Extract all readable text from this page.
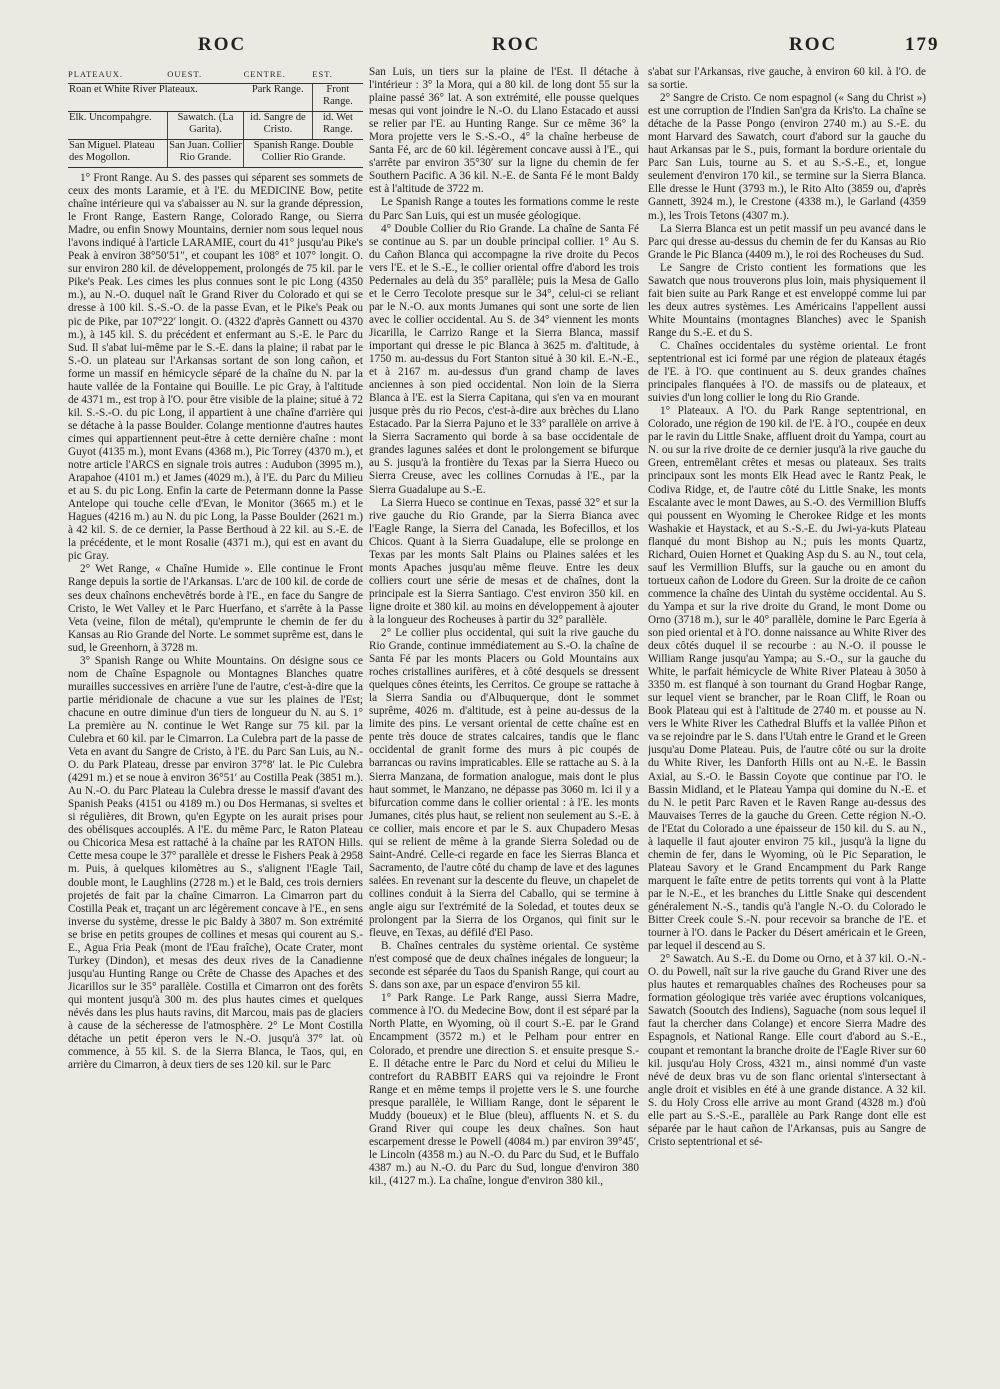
ROC	ROC	ROC	179
PLATEAUX.	OUEST.	CENTRE.	EST.
Roan et White River Plateaux.		Park Range.	Front Range.
Elk. Uncompahgre.	Sawatch. (La Garita).	id. Sangre de Cristo.	id. Wet Range.
San Miguel. Plateau des Mogollon.	San Juan. Collier Rio Grande.	Spanish Range. Double Collier Rio Grande.	

1° Front Range. Au S. des passes qui séparent ses sommets de ceux des monts Laramie, et à l'E. du MEDICINE Bow, petite chaîne intérieure qui va s'abaisser au N. sur la grande dépression, le Front Range, Eastern Range, Colorado Range, ou Sierra Madre, ou enfin Snowy Mountains, dernier nom sous lequel nous l'avons indiqué à l'article LARAMIE, court du 41° jusqu'au Pike's Peak à environ 38°50′51″, et coupant les 108° et 107° longit. O. sur environ 280 kil. de développement, prolongés de 75 kil. par le Pike's Peak. Les cimes les plus connues sont le pic Long (4350 m.), au N.-O. duquel naît le Grand River du Colorado et qui se dresse à 100 kil. S.-S.-O. de la passe Evan, et le Pike's Peak ou pic de Pike, par 107°22′ longit. O. (4322 d'après Gannett ou 4370 m.), à 145 kil. S. du précédent et enfermant au S.-E. le Parc du Sud. Il s'abat lui-même par le S.-E. dans la plaine; il rabat par le S.-O. un plateau sur l'Arkansas sortant de son long cañon, et forme un massif en hémicycle séparé de la chaîne du N. par la haute vallée de la Fontaine qui Bouille. Le pic Gray, à l'altitude de 4371 m., est trop à l'O. pour être visible de la plaine; situé à 72 kil. S.-S.-O. du pic Long, il appartient à une chaîne d'arrière qui se détache à la passe Boulder. Colange mentionne d'autres hautes cimes qui appartiennent peut-être à cette dernière chaîne : mont Guyot (4135 m.), mont Evans (4368 m.), Pic Torrey (4370 m.), et notre article l'ARCS en signale trois autres : Audubon (3995 m.), Arapahoe (4101 m.) et James (4029 m.), à l'E. du Parc du Milieu et au S. du pic Long. Enfin la carte de Petermann donne la Passe Antelope qui touche celle d'Evan, le Monitor (3665 m.) et le Hagues (4216 m.) au N. du pic Long, la Passe Boulder (2621 m.) à 42 kil. S. de ce dernier, la Passe Berthoud à 22 kil. au S.-E. de la précédente, et le mont Rosalie (4371 m.), qui est en avant du pic Gray.

2° Wet Range, « Chaîne Humide ». Elle continue le Front Range depuis la sortie de l'Arkansas. L'arc de 100 kil. de corde de ses deux chaînons enchevêtrés borde à l'E., en face du Sangre de Cristo, le Wet Valley et le Parc Huerfano, et s'arrête à la Passe Veta (veine, filon de métal), qu'emprunte le chemin de fer du Kansas au Rio Grande del Norte. Le sommet suprême est, dans le sud, le Greenhorn, à 3728 m.

3° Spanish Range ou White Mountains. On désigne sous ce nom de Chaîne Espagnole ou Montagnes Blanches quatre murailles successives en arrière l'une de l'autre, c'est-à-dire que la partie méridionale de chacune a vue sur les plaines de l'Est; chacune en outre diminue d'un tiers de longueur du N. au S. 1° La première au N. continue le Wet Range sur 75 kil. par la Culebra et 60 kil. par le Cimarron. La Culebra part de la passe de Veta en avant du Sangre de Cristo, à l'E. du Parc San Luis, au N.-O. du Park Plateau, dresse par environ 37°8′ lat. le Pic Culebra (4291 m.) et se noue à environ 36°51′ au Costilla Peak (3851 m.). Au N.-O. du Parc Plateau la Culebra dresse le massif d'avant des Spanish Peaks (4151 ou 4189 m.) ou Dos Hermanas, si sveltes et si régulières, dit Brown, qu'en Egypte on les aurait prises pour des obélisques accouplés. A l'E. du même Parc, le Raton Plateau ou Chicorica Mesa est rattaché à la chaîne par les RATON Hills. Cette mesa coupe le 37° parallèle et dresse le Fishers Peak à 2958 m. Puis, à quelques kilomètres au S., s'alignent l'Eagle Tail, double mont, le Laughlins (2728 m.) et le Bald, ces trois derniers projetés de fait par la chaîne Cimarron. La Cimarron part du Costilla Peak et, traçant un arc légèrement concave à l'E., en sens inverse du système, dresse le pic Baldy à 3807 m. Son extrémité se brise en petits groupes de collines et mesas qui courent au S.-E., Agua Fria Peak (mont de l'Eau fraîche), Ocate Crater, mont Turkey (Dindon), et mesas des deux rives de la Canadienne jusqu'au Hunting Range ou Crête de Chasse des Apaches et des Jicarillos sur le 35° parallèle. Costilla et Cimarron ont des forêts qui montent jusqu'à 300 m. des plus hautes cimes et quelques névés dans les plus hauts ravins, dit Marcou, mais pas de glaciers à cause de la sécheresse de l'atmosphère. 2° Le Mont Costilla détache un petit éperon vers le N.-O. jusqu'à 37° lat. où commence, à 55 kil. S. de la Sierra Blanca, le Taos, qui, en arrière du Cimarron, à deux tiers de ses 120 kil. sur le Parc

San Luis, un tiers sur la plaine de l'Est. Il détache à l'intérieur : 3° la Mora, qui a 80 kil. de long dont 55 sur la plaine passé 36° lat. A son extrémité, elle pousse quelques mesas qui vont joindre le N.-O. du Llano Estacado et aussi se relier par l'E. au Hunting Range. Sur ce même 36° la Mora projette vers le S.-S.-O., 4° la chaîne herbeuse de Santa Fé, arc de 60 kil. légèrement concave aussi à l'E., qui s'arrête par environ 35°30′ sur la ligne du chemin de fer Southern Pacific. A 36 kil. N.-E. de Santa Fé le mont Baldy est à l'altitude de 3722 m.

Le Spanish Range a toutes les formations comme le reste du Parc San Luis, qui est un musée géologique.

4° Double Collier du Rio Grande. La chaîne de Santa Fé se continue au S. par un double principal collier. 1° Au S. du Cañon Blanca qui accompagne la rive droite du Pecos vers l'E. et le S.-E., le collier oriental offre d'abord les trois Pedernales au delà du 35° parallèle; puis la Mesa de Gallo et le Cerro Tecolote presque sur le 34°, celui-ci se reliant par le N.-O. aux monts Jumanes qui sont une sorte de lien avec le collier occidental. Au S. de 34° viennent les monts Jicarilla, le Carrizo Range et la Sierra Blanca, massif important qui dresse le pic Blanca à 3625 m. d'altitude, à 1750 m. au-dessus du Fort Stanton situé à 30 kil. E.-N.-E., et à 2167 m. au-dessus d'un grand champ de laves anciennes à son pied occidental. Non loin de la Sierra Blanca à l'E. est la Sierra Capitana, qui s'en va en mourant jusque près du rio Pecos, c'est-à-dire aux brèches du Llano Estacado. Par la Sierra Pajuno et le 33° parallèle on arrive à la Sierra Sacramento qui borde à sa base occidentale de grandes lagunes salées et dont le prolongement se bifurque au S. jusqu'à la frontière du Texas par la Sierra Hueco ou Sierra Creuse, avec les collines Cornudas à l'E., par la Sierra Guadalupe au S.-E.

La Sierra Hueco se continue en Texas, passé 32° et sur la rive gauche du Rio Grande, par la Sierra Bianca avec l'Eagle Range, la Sierra del Canada, les Bofecillos, et los Chicos. Quant à la Sierra Guadalupe, elle se prolonge en Texas par les monts Salt Plains ou Plaines salées et les monts Apaches jusqu'au même fleuve. Entre les deux colliers court une série de mesas et de chaînes, dont la principale est la Sierra Santiago. C'est environ 350 kil. en ligne droite et 380 kil. au moins en développement à ajouter à la longueur des Rocheuses à partir du 32° parallèle.

2° Le collier plus occidental, qui suit la rive gauche du Rio Grande, continue immédiatement au S.-O. la chaîne de Santa Fé par les monts Placers ou Gold Mountains aux roches cristallines aurifères, et à côté desquels se dressent quelques cônes éteints, les Cerritos. Ce groupe se rattache à la Sierra Sandia ou d'Albuquerque, dont le sommet suprême, 4026 m. d'altitude, est à peine au-dessus de la limite des pins. Le versant oriental de cette chaîne est en pente très douce de strates calcaires, tandis que le flanc occidental de granit forme des murs à pic coupés de barrancas ou ravins impraticables. Elle se rattache au S. à la Sierra Manzana, de formation analogue, mais dont le plus haut sommet, le Manzano, ne dépasse pas 3060 m. Ici il y a bifurcation comme dans le collier oriental : à l'E. les monts Jumanes, cités plus haut, se relient non seulement au S.-E. à ce collier, mais encore et par le S. aux Chupadero Mesas qui se relient de même à la grande Sierra Soledad ou de Saint-André. Celle-ci regarde en face les Sierras Blanca et Sacramento, de l'autre côté du champ de lave et des lagunes salées. En revenant sur la descente du fleuve, un chapelet de collines conduit à la Sierra del Caballo, qui se termine à angle aigu sur l'extrémité de la Soledad, et toutes deux se prolongent par la Sierra de los Organos, qui finit sur le fleuve, en Texas, au défilé d'El Paso.

B. Chaînes centrales du système oriental. Ce système n'est composé que de deux chaînes inégales de longueur; la seconde est séparée du Taos du Spanish Range, qui court au S. dans son axe, par un espace d'environ 55 kil.

1° Park Range. Le Park Range, aussi Sierra Madre, commence à l'O. du Medecine Bow, dont il est séparé par la North Platte, en Wyoming, où il court S.-E. par le Grand Encampment (3572 m.) et le Pelham pour entrer en Colorado, et prendre une direction S. et ensuite presque S.-E. Il détache entre le Parc du Nord et celui du Milieu le contrefort du RABBIT EARS qui va rejoindre le Front Range et en même temps il projette vers le S. une fourche presque parallèle, le William Range, dont le séparent le Muddy (boueux) et le Blue (bleu), affluents N. et S. du Grand River qui coupe les deux chaînes. Son haut escarpement dresse le Powell (4084 m.) par environ 39°45′, le Lincoln (4358 m.) au N.-O. du Parc du Sud, et le Buffalo 4387 m.) au N.-O. du Parc du Sud, longue d'environ 380 kil., (4127 m.). La chaîne, longue d'environ 380 kil.,

s'abat sur l'Arkansas, rive gauche, à environ 60 kil. à l'O. de sa sortie.

2° Sangre de Cristo. Ce nom espagnol (« Sang du Christ ») est une corruption de l'Indien San'gra da Kris'to. La chaîne se détache de la Passe Pongo (environ 2740 m.) au S.-E. du mont Harvard des Sawatch, court d'abord sur la gauche du haut Arkansas par le S., puis, formant la bordure orientale du Parc San Luis, tourne au S. et au S.-S.-E., et, longue seulement d'environ 170 kil., se termine sur la Sierra Blanca. Elle dresse le Hunt (3793 m.), le Rito Alto (3859 ou, d'après Gannett, 3924 m.), le Crestone (4338 m.), le Garland (4359 m.), les Trois Tetons (4307 m.).

La Sierra Blanca est un petit massif un peu avancé dans le Parc qui dresse au-dessus du chemin de fer du Kansas au Rio Grande le Pic Blanca (4409 m.), le roi des Rocheuses du Sud.

Le Sangre de Cristo contient les formations que les Sawatch que nous trouverons plus loin, mais physiquement il fait bien suite au Park Range et est enveloppé comme lui par les deux autres systèmes. Les Américains l'appellent aussi White Mountains (montagnes Blanches) avec le Spanish Range du S.-E. et du S.

C. Chaînes occidentales du système oriental. Le front septentrional est ici formé par une région de plateaux étagés de l'E. à l'O. que continuent au S. deux grandes chaînes principales flanquées à l'O. de massifs ou de plateaux, et suivies d'un long collier le long du Rio Grande.

1° Plateaux. A l'O. du Park Range septentrional, en Colorado, une région de 190 kil. de l'E. à l'O., coupée en deux par le ravin du Little Snake, affluent droit du Yampa, court au N. ou sur la rive droite de ce dernier jusqu'à la rive gauche du Green, entremêlant crêtes et mesas ou plateaux. Ses traits principaux sont les monts Elk Head avec le Rantz Peak, le Codiva Ridge, et, de l'autre côté du Little Snake, les monts Escalante avec le mont Dawes, au S.-O. des Vermillion Bluffs qui poussent en Wyoming le Cherokee Ridge et les monts Washakie et Haystack, et au S.-S.-E. du Jwi-ya-kuts Plateau flanqué du mont Bishop au N.; puis les monts Quartz, Richard, Ouien Hornet et Quaking Asp du S. au N., tout cela, sauf les Vermillion Bluffs, sur la gauche ou en amont du tortueux cañon de Lodore du Green. Sur la droite de ce cañon commence la chaîne des Uintah du système occidental. Au S. du Yampa et sur la rive droite du Grand, le mont Dome ou Orno (3718 m.), sur le 40° parallèle, domine le Parc Egeria à son pied oriental et à l'O. donne naissance au White River des deux côtés duquel il se recourbe : au N.-O. il pousse le William Range jusqu'au Yampa; au S.-O., sur la gauche du White, le parfait hémicycle de White River Plateau à 3050 à 3350 m. est flanqué à son tournant du Grand Hogbar Range, sur lequel vient se brancher, par le Roan Cliff, le Roan ou Book Plateau qui est à l'altitude de 2740 m. et pousse au N. vers le White River les Cathedral Bluffs et la vallée Piñon et va se rejoindre par le S. dans l'Utah entre le Grand et le Green jusqu'au Dome Plateau. Puis, de l'autre côté ou sur la droite du White River, les Danforth Hills ont au N.-E. le Bassin Axial, au S.-O. le Bassin Coyote que continue par l'O. le Bassin Midland, et le Plateau Yampa qui domine du N.-E. et du N. le petit Parc Raven et le Raven Range au-dessus des Mauvaises Terres de la gauche du Green. Cette région N.-O. de l'Etat du Colorado a une épaisseur de 150 kil. du S. au N., à laquelle il faut ajouter environ 75 kil., jusqu'à la ligne du chemin de fer, dans le Wyoming, où le Pic Separation, le Plateau Savory et le Grand Encampment du Park Range marquent le faîte entre de petits torrents qui vont à la Platte par le N.-E., et les branches du Little Snake qui descendent généralement N.-S., tandis qu'à l'angle N.-O. du Colorado le Bitter Creek coule S.-N. pour recevoir sa branche de l'E. et tourner à l'O. dans le Packer du Désert américain et le Green, par lequel il descend au S.

2° Sawatch. Au S.-E. du Dome ou Orno, et à 37 kil. O.-N.-O. du Powell, naît sur la rive gauche du Grand River une des plus hautes et remarquables chaînes des Rocheuses pour sa formation géologique très variée avec éruptions volcaniques, Sawatch (Sooutch des Indiens), Saguache (nom sous lequel il faut la chercher dans Colange) et encore Sierra Madre des Espagnols, et National Range. Elle court d'abord au S.-E., coupant et remontant la branche droite de l'Eagle River sur 60 kil. jusqu'au Holy Cross, 4321 m., ainsi nommé d'un vaste névé de deux bras vu de son flanc oriental s'intersectant à angle droit et visibles en été à une grande distance. A 32 kil. S. du Holy Cross elle arrive au mont Grand (4328 m.) d'où elle part au S.-S.-E., parallèle au Park Range dont elle est séparée par le haut cañon de l'Arkansas, puis au Sangre de Cristo septentrional et sé-
